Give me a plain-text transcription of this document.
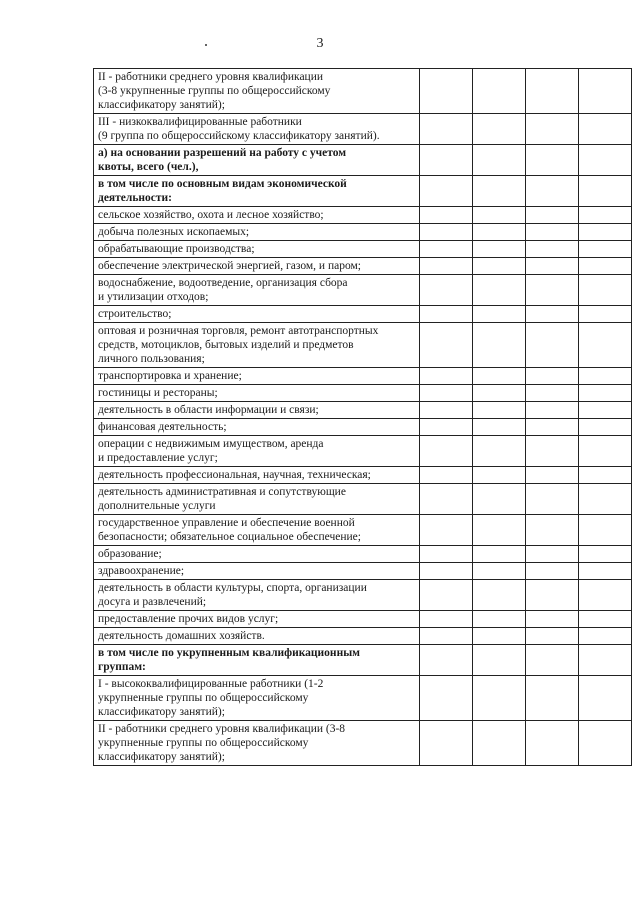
3
II - работники среднего уровня квалификации
(3-8 укрупненные группы по общероссийскому
классификатору занятий);				

III - низкоквалифицированные работники
(9 группа по общероссийскому классификатору занятий).				

а) на основании разрешений на работу с учетом
квоты, всего (чел.),				

в том числе по основным видам экономической
деятельности:				

сельское хозяйство, охота и лесное хозяйство;				

добыча полезных ископаемых;				

обрабатывающие производства;				

обеспечение электрической энергией, газом, и паром;				

водоснабжение, водоотведение, организация сбора
и утилизации отходов;				

строительство;				

оптовая и розничная торговля, ремонт автотранспортных
средств, мотоциклов, бытовых изделий и предметов
личного пользования;				

транспортировка и хранение;				

гостиницы и рестораны;				

деятельность в области информации и связи;				

финансовая деятельность;				

операции с недвижимым имуществом, аренда
и предоставление услуг;				

деятельность профессиональная, научная, техническая;				

деятельность административная и сопутствующие
дополнительные услуги				

государственное управление и обеспечение военной
безопасности; обязательное социальное обеспечение;				

образование;				

здравоохранение;				

деятельность в области культуры, спорта, организации
досуга и развлечений;				

предоставление прочих видов услуг;				

деятельность домашних хозяйств.				

в том числе по укрупненным квалификационным
группам:				

I - высококвалифицированные работники (1-2
укрупненные группы по общероссийскому
классификатору занятий);				

II - работники среднего уровня квалификации (3-8
укрупненные группы по общероссийскому
классификатору занятий);				
